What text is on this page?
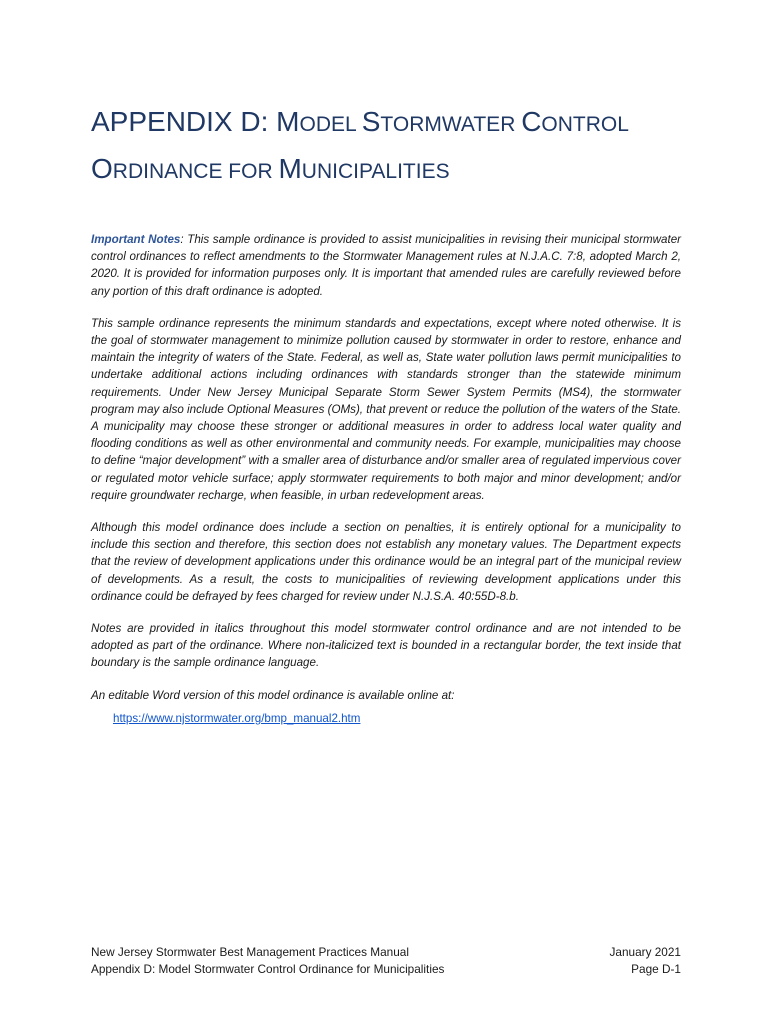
APPENDIX D: MODEL STORMWATER CONTROL
ORDINANCE FOR MUNICIPALITIES

Important Notes: This sample ordinance is provided to assist municipalities in revising their municipal stormwater control ordinances to reflect amendments to the Stormwater Management rules at N.J.A.C. 7:8, adopted March 2, 2020. It is provided for information purposes only. It is important that amended rules are carefully reviewed before any portion of this draft ordinance is adopted.

This sample ordinance represents the minimum standards and expectations, except where noted otherwise. It is the goal of stormwater management to minimize pollution caused by stormwater in order to restore, enhance and maintain the integrity of waters of the State. Federal, as well as, State water pollution laws permit municipalities to undertake additional actions including ordinances with standards stronger than the statewide minimum requirements. Under New Jersey Municipal Separate Storm Sewer System Permits (MS4), the stormwater program may also include Optional Measures (OMs), that prevent or reduce the pollution of the waters of the State. A municipality may choose these stronger or additional measures in order to address local water quality and flooding conditions as well as other environmental and community needs. For example, municipalities may choose to define “major development” with a smaller area of disturbance and/or smaller area of regulated impervious cover or regulated motor vehicle surface; apply stormwater requirements to both major and minor development; and/or require groundwater recharge, when feasible, in urban redevelopment areas.

Although this model ordinance does include a section on penalties, it is entirely optional for a municipality to include this section and therefore, this section does not establish any monetary values. The Department expects that the review of development applications under this ordinance would be an integral part of the municipal review of developments. As a result, the costs to municipalities of reviewing development applications under this ordinance could be defrayed by fees charged for review under N.J.S.A. 40:55D-8.b.

Notes are provided in italics throughout this model stormwater control ordinance and are not intended to be adopted as part of the ordinance. Where non-italicized text is bounded in a rectangular border, the text inside that boundary is the sample ordinance language.

An editable Word version of this model ordinance is available online at:

https://www.njstormwater.org/bmp_manual2.htm

New Jersey Stormwater Best Management Practices Manual
Appendix D: Model Stormwater Control Ordinance for Municipalities
January 2021
Page D-1
